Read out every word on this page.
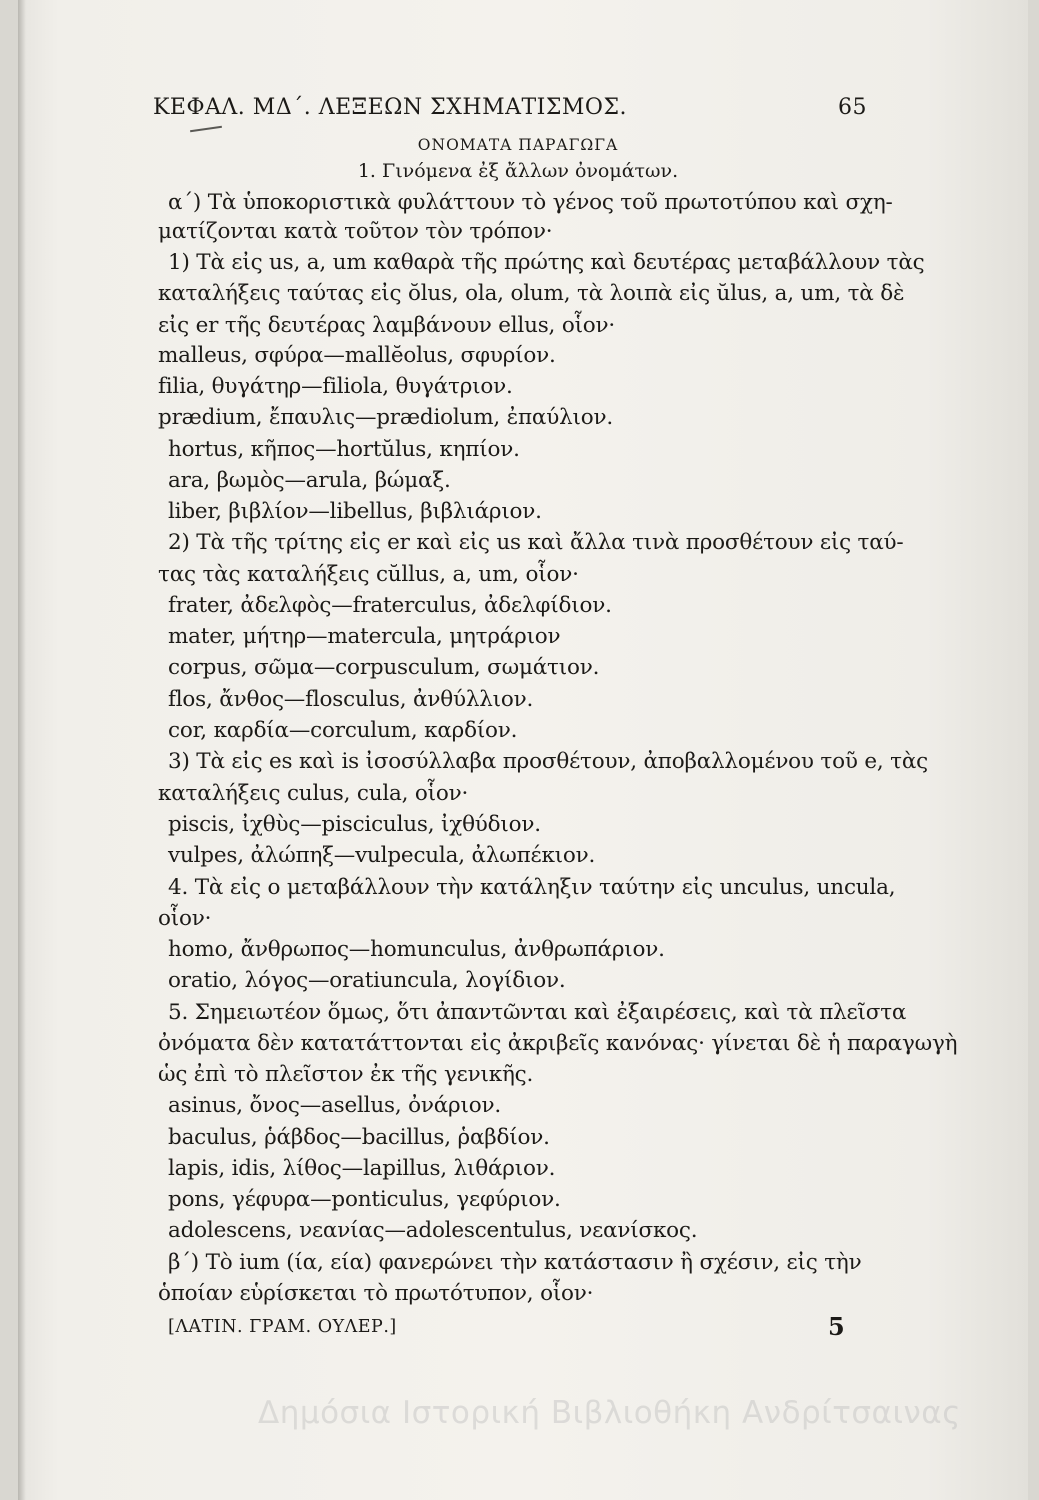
ΚΕΦΑΛ. ΜΔ΄. ΛΕΞΕΩΝ ΣΧΗΜΑΤΙΣΜΟΣ.	65
ΟΝΟΜΑΤΑ ΠΑΡΑΓΩΓΑ
1. Γινόμενα ἐξ ἄλλων ὀνομάτων.
α΄) Τὰ ὑποκοριστικὰ φυλάττουν τὸ γένος τοῦ πρωτοτύπου καὶ σχη-
ματίζονται κατὰ τοῦτον τὸν τρόπον·
1) Τὰ εἰς us, a, um καθαρὰ τῆς πρώτης καὶ δευτέρας μεταβάλλουν τὰς
καταλήξεις ταύτας εἰς ŏlus, ola, olum, τὰ λοιπὰ εἰς ŭlus, a, um, τὰ δὲ
εἰς er τῆς δευτέρας λαμβάνουν ellus, οἷον·
malleus, σφύρα—mallĕolus, σφυρίον.
filia, θυγάτηρ—filiola, θυγάτριον.
prædium, ἔπαυλις—prædiolum, ἐπαύλιον.
hortus, κῆπος—hortŭlus, κηπίον.
ara, βωμὸς—arula, βώμαξ.
liber, βιβλίον—libellus, βιβλιάριον.
2) Τὰ τῆς τρίτης εἰς er καὶ εἰς us καὶ ἄλλα τινὰ προσθέτουν εἰς ταύ-
τας τὰς καταλήξεις cŭllus, a, um, οἷον·
frater, ἀδελφὸς—fraterculus, ἀδελφίδιον.
mater, μήτηρ—matercula, μητράριον
corpus, σῶμα—corpusculum, σωμάτιον.
flos, ἄνθος—flosculus, ἀνθύλλιον.
cor, καρδία—corculum, καρδίον.
3) Τὰ εἰς es καὶ is ἰσοσύλλαβα προσθέτουν, ἀποβαλλομένου τοῦ e, τὰς
καταλήξεις culus, cula, οἷον·
piscis, ἰχθὺς—pisciculus, ἰχθύδιον.
vulpes, ἀλώπηξ—vulpecula, ἀλωπέκιον.
4. Τὰ εἰς o μεταβάλλουν τὴν κατάληξιν ταύτην εἰς unculus, uncula,
οἷον·
homo, ἄνθρωπος—homunculus, ἀνθρωπάριον.
oratio, λόγος—oratiuncula, λογίδιον.
5. Σημειωτέον ὅμως, ὅτι ἀπαντῶνται καὶ ἐξαιρέσεις, καὶ τὰ πλεῖστα
ὀνόματα δὲν κατατάττονται εἰς ἀκριβεῖς κανόνας· γίνεται δὲ ἡ παραγωγὴ
ὡς ἐπὶ τὸ πλεῖστον ἐκ τῆς γενικῆς.
asinus, ὄνος—asellus, ὀνάριον.
baculus, ῥάβδος—bacillus, ῥαβδίον.
lapis, idis, λίθος—lapillus, λιθάριον.
pons, γέφυρα—ponticulus, γεφύριον.
adolescens, νεανίας—adolescentulus, νεανίσκος.
β΄) Τὸ ium (ία, εία) φανερώνει τὴν κατάστασιν ἢ σχέσιν, εἰς τὴν
ὁποίαν εὑρίσκεται τὸ πρωτότυπον, οἷον·
[ΛΑΤΙΝ. ΓΡΑΜ. ΟΥΛΕΡ.]	5
Δημόσια Ιστορική Βιβλιοθήκη Ανδρίτσαινας
